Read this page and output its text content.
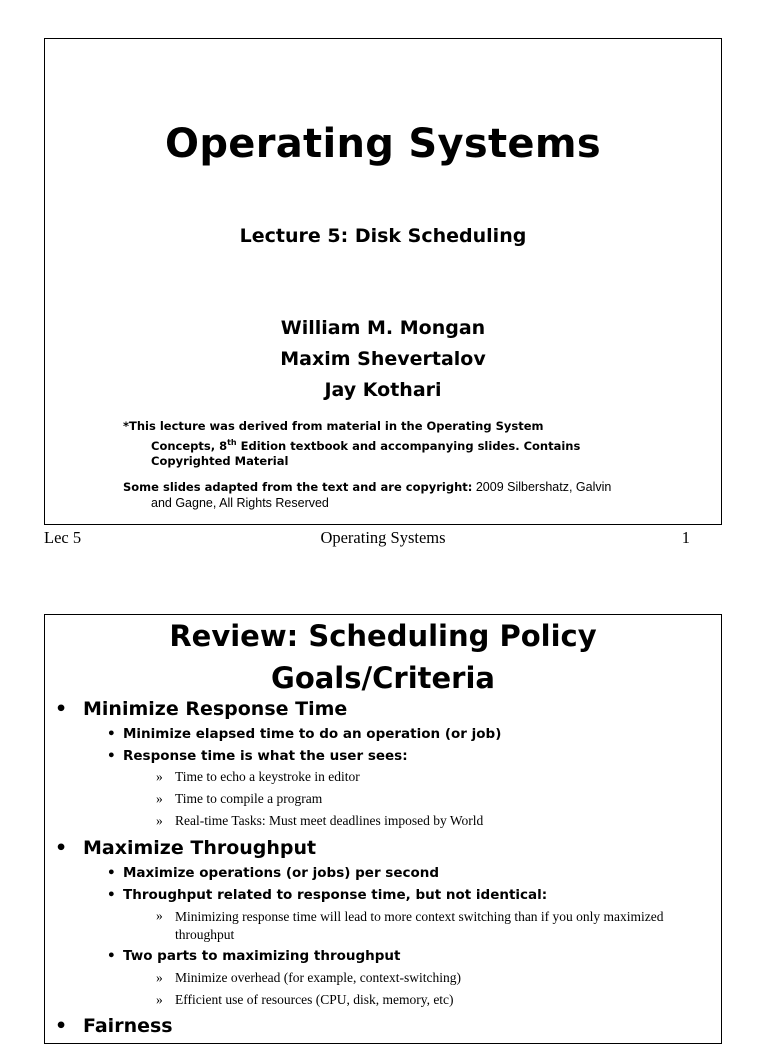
Operating Systems
Lecture 5: Disk Scheduling
William M. Mongan
Maxim Shevertalov
Jay Kothari
*This lecture was derived from material in the Operating System
Concepts, 8th Edition textbook and accompanying slides. Contains
Copyrighted Material
Some slides adapted from the text and are copyright: 2009 Silbershatz, Galvin
and Gagne, All Rights Reserved
Lec 5	Operating Systems	1
Review: Scheduling Policy
Goals/Criteria
• Minimize Response Time
• Minimize elapsed time to do an operation (or job)
• Response time is what the user sees:
» Time to echo a keystroke in editor
» Time to compile a program
» Real-time Tasks: Must meet deadlines imposed by World
• Maximize Throughput
• Maximize operations (or jobs) per second
• Throughput related to response time, but not identical:
» Minimizing response time will lead to more context switching than if you only maximized throughput
• Two parts to maximizing throughput
» Minimize overhead (for example, context-switching)
» Efficient use of resources (CPU, disk, memory, etc)
• Fairness
